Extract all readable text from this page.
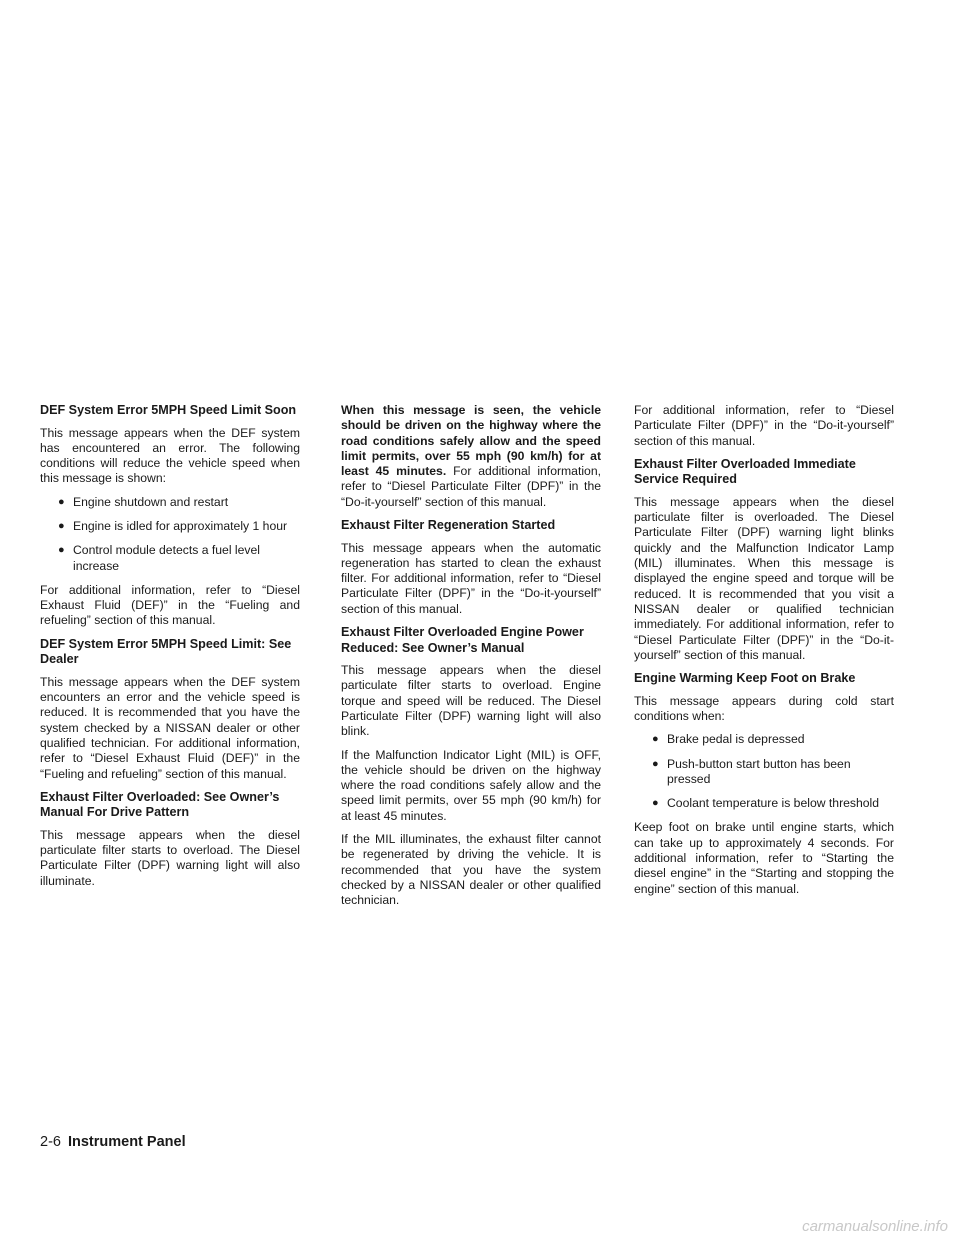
DEF System Error 5MPH Speed Limit Soon

This message appears when the DEF system has encountered an error. The following conditions will reduce the vehicle speed when this message is shown:

● Engine shutdown and restart
● Engine is idled for approximately 1 hour
● Control module detects a fuel level increase

For additional information, refer to “Diesel Exhaust Fluid (DEF)” in the “Fueling and refueling” section of this manual.

DEF System Error 5MPH Speed Limit: See Dealer

This message appears when the DEF system encounters an error and the vehicle speed is reduced. It is recommended that you have the system checked by a NISSAN dealer or other qualified technician. For additional information, refer to “Diesel Exhaust Fluid (DEF)” in the “Fueling and refueling” section of this manual.

Exhaust Filter Overloaded: See Owner’s Manual For Drive Pattern

This message appears when the diesel particulate filter starts to overload. The Diesel Particulate Filter (DPF) warning light will also illuminate.

When this message is seen, the vehicle should be driven on the highway where the road conditions safely allow and the speed limit permits, over 55 mph (90 km/h) for at least 45 minutes. For additional information, refer to “Diesel Particulate Filter (DPF)” in the “Do-it-yourself” section of this manual.

Exhaust Filter Regeneration Started

This message appears when the automatic regeneration has started to clean the exhaust filter. For additional information, refer to “Diesel Particulate Filter (DPF)” in the “Do-it-yourself” section of this manual.

Exhaust Filter Overloaded Engine Power Reduced: See Owner’s Manual

This message appears when the diesel particulate filter starts to overload. Engine torque and speed will be reduced. The Diesel Particulate Filter (DPF) warning light will also blink.

If the Malfunction Indicator Light (MIL) is OFF, the vehicle should be driven on the highway where the road conditions safely allow and the speed limit permits, over 55 mph (90 km/h) for at least 45 minutes.

If the MIL illuminates, the exhaust filter cannot be regenerated by driving the vehicle. It is recommended that you have the system checked by a NISSAN dealer or other qualified technician.

For additional information, refer to “Diesel Particulate Filter (DPF)” in the “Do-it-yourself” section of this manual.

Exhaust Filter Overloaded Immediate Service Required

This message appears when the diesel particulate filter is overloaded. The Diesel Particulate Filter (DPF) warning light blinks quickly and the Malfunction Indicator Lamp (MIL) illuminates. When this message is displayed the engine speed and torque will be reduced. It is recommended that you visit a NISSAN dealer or qualified technician immediately. For additional information, refer to “Diesel Particulate Filter (DPF)” in the “Do-it-yourself” section of this manual.

Engine Warming Keep Foot on Brake

This message appears during cold start conditions when:

● Brake pedal is depressed
● Push-button start button has been pressed
● Coolant temperature is below threshold

Keep foot on brake until engine starts, which can take up to approximately 4 seconds. For additional information, refer to “Starting the diesel engine” in the “Starting and stopping the engine” section of this manual.

2-6 Instrument Panel
carmanualsonline.info
